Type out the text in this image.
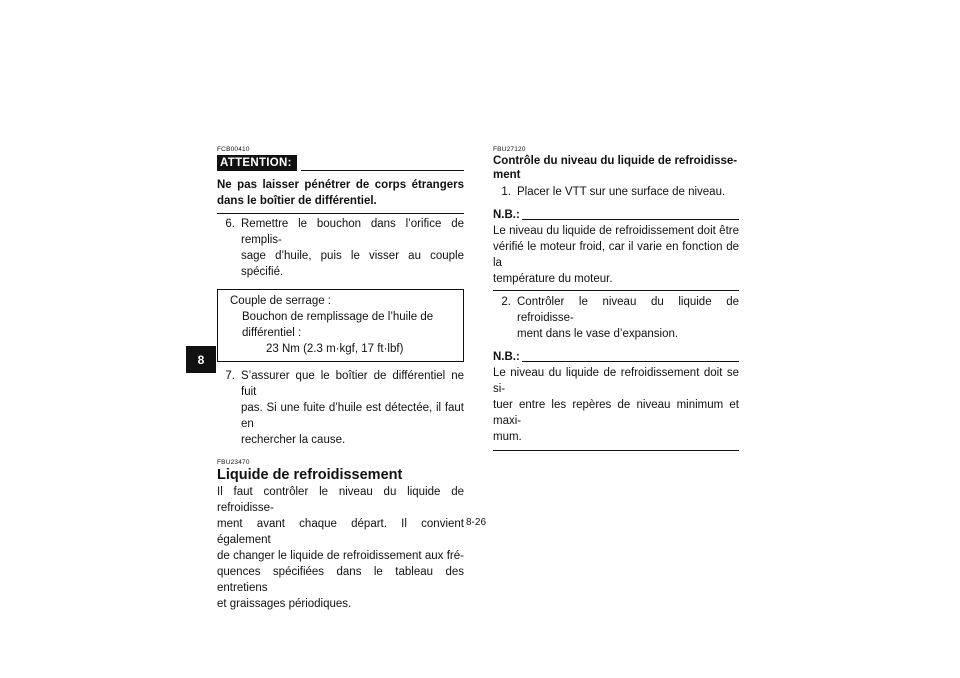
8
FCB00410
ATTENTION:
Ne pas laisser pénétrer de corps étrangers
dans le boîtier de différentiel.
6. Remettre le bouchon dans l’orifice de remplis-
sage d’huile, puis le visser au couple spécifié.
Couple de serrage :
Bouchon de remplissage de l’huile de
différentiel :
23 Nm (2.3 m·kgf, 17 ft·lbf)
7. S’assurer que le boîtier de différentiel ne fuit
pas. Si une fuite d’huile est détectée, il faut en
rechercher la cause.
FBU23470
Liquide de refroidissement
Il faut contrôler le niveau du liquide de refroidisse-
ment avant chaque départ. Il convient également
de changer le liquide de refroidissement aux fré-
quences spécifiées dans le tableau des entretiens
et graissages périodiques.
FBU27120
Contrôle du niveau du liquide de refroidisse-
ment
1. Placer le VTT sur une surface de niveau.
N.B.:
Le niveau du liquide de refroidissement doit être
vérifié le moteur froid, car il varie en fonction de la
température du moteur.
2. Contrôler le niveau du liquide de refroidisse-
ment dans le vase d’expansion.
N.B.:
Le niveau du liquide de refroidissement doit se si-
tuer entre les repères de niveau minimum et maxi-
mum.
8-26
